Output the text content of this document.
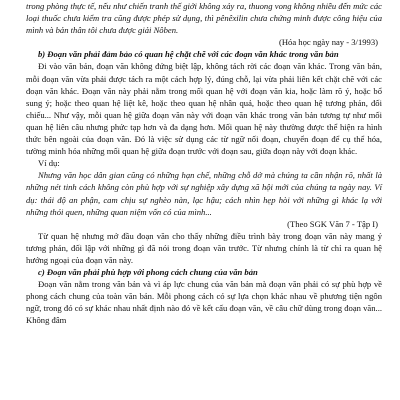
trong phòng thực tế, nếu như chiến tranh thế giới không xảy ra, thuong vong không nhiều đến mức các loại thuốc chưa kiểm tra cũng được phép sử dụng, thì pênêxilin chưa chứng minh được công hiệu của mình và bản thân tôi chưa được giải Nôben.

(Hóa học ngày nay - 3/1993)

b) Đoạn văn phải đảm bảo có quan hệ chặt chẽ với các đoạn văn khác trong văn bản

Đi vào văn bản, đoạn văn không đứng biệt lập, không tách rời các đoạn văn khác. Trong văn bản, mỗi đoạn văn vừa phải được tách ra một cách hợp lý, đúng chỗ, lại vừa phải liên kết chặt chẽ với các đoạn văn khác. Đoạn văn này phải nằm trong mối quan hệ với đoạn văn kia, hoặc làm rõ ý, hoặc bổ sung ý; hoặc theo quan hệ liệt kê, hoặc theo quan hệ nhân quả, hoặc theo quan hệ tương phản, đối chiếu... Như vậy, mỗi quan hệ giữa đoạn văn này với đoạn văn khác trong văn bản tương tự như mối quan hệ liên câu nhưng phức tạp hơn và đa dạng hơn. Mối quan hệ này thường được thể hiện ra hình thức bên ngoài của đoạn văn. Đó là việc sử dụng các từ ngữ nối đoạn, chuyển đoạn để cụ thể hóa, tường minh hóa những mối quan hệ giữa đoạn trước với đoạn sau, giữa đoạn này với đoạn khác.

Ví dụ:

Nhưng văn học dân gian cũng có những hạn chế, những chỗ dở mà chúng ta cần nhận rõ, nhất là những nét tinh cách không còn phù hợp với sự nghiệp xây dựng xã hội mới của chúng ta ngày nay. Ví dụ: thái độ an phận, cam chịu sự nghèo nàn, lạc hậu; cách nhìn hẹp hòi với những gì khác lạ với những thói quen, những quan niệm vốn có của mình...

(Theo SGK Văn 7 - Tập I)

Từ quan hệ nhưng mở đầu đoạn văn cho thấy những điều trình bày trong đoạn văn này mang ý tương phản, đối lập với những gì đã nói trong đoạn văn trước. Từ nhưng chính là từ chỉ ra quan hệ hướng ngoại của đoạn văn này.

c) Đoạn văn phải phù hợp với phong cách chung của văn bản

Đoạn văn nằm trong văn bản và vì áp lực chung của văn bản mà đoạn văn phải có sự phù hợp về phong cách chung của toàn văn bản. Mỗi phong cách có sự lựa chọn khác nhau về phương tiện ngôn ngữ, trong đó có sự khác nhau nhất định nào đó về kết cấu đoạn văn, về câu chữ dùng trong đoạn văn... Không đâm
